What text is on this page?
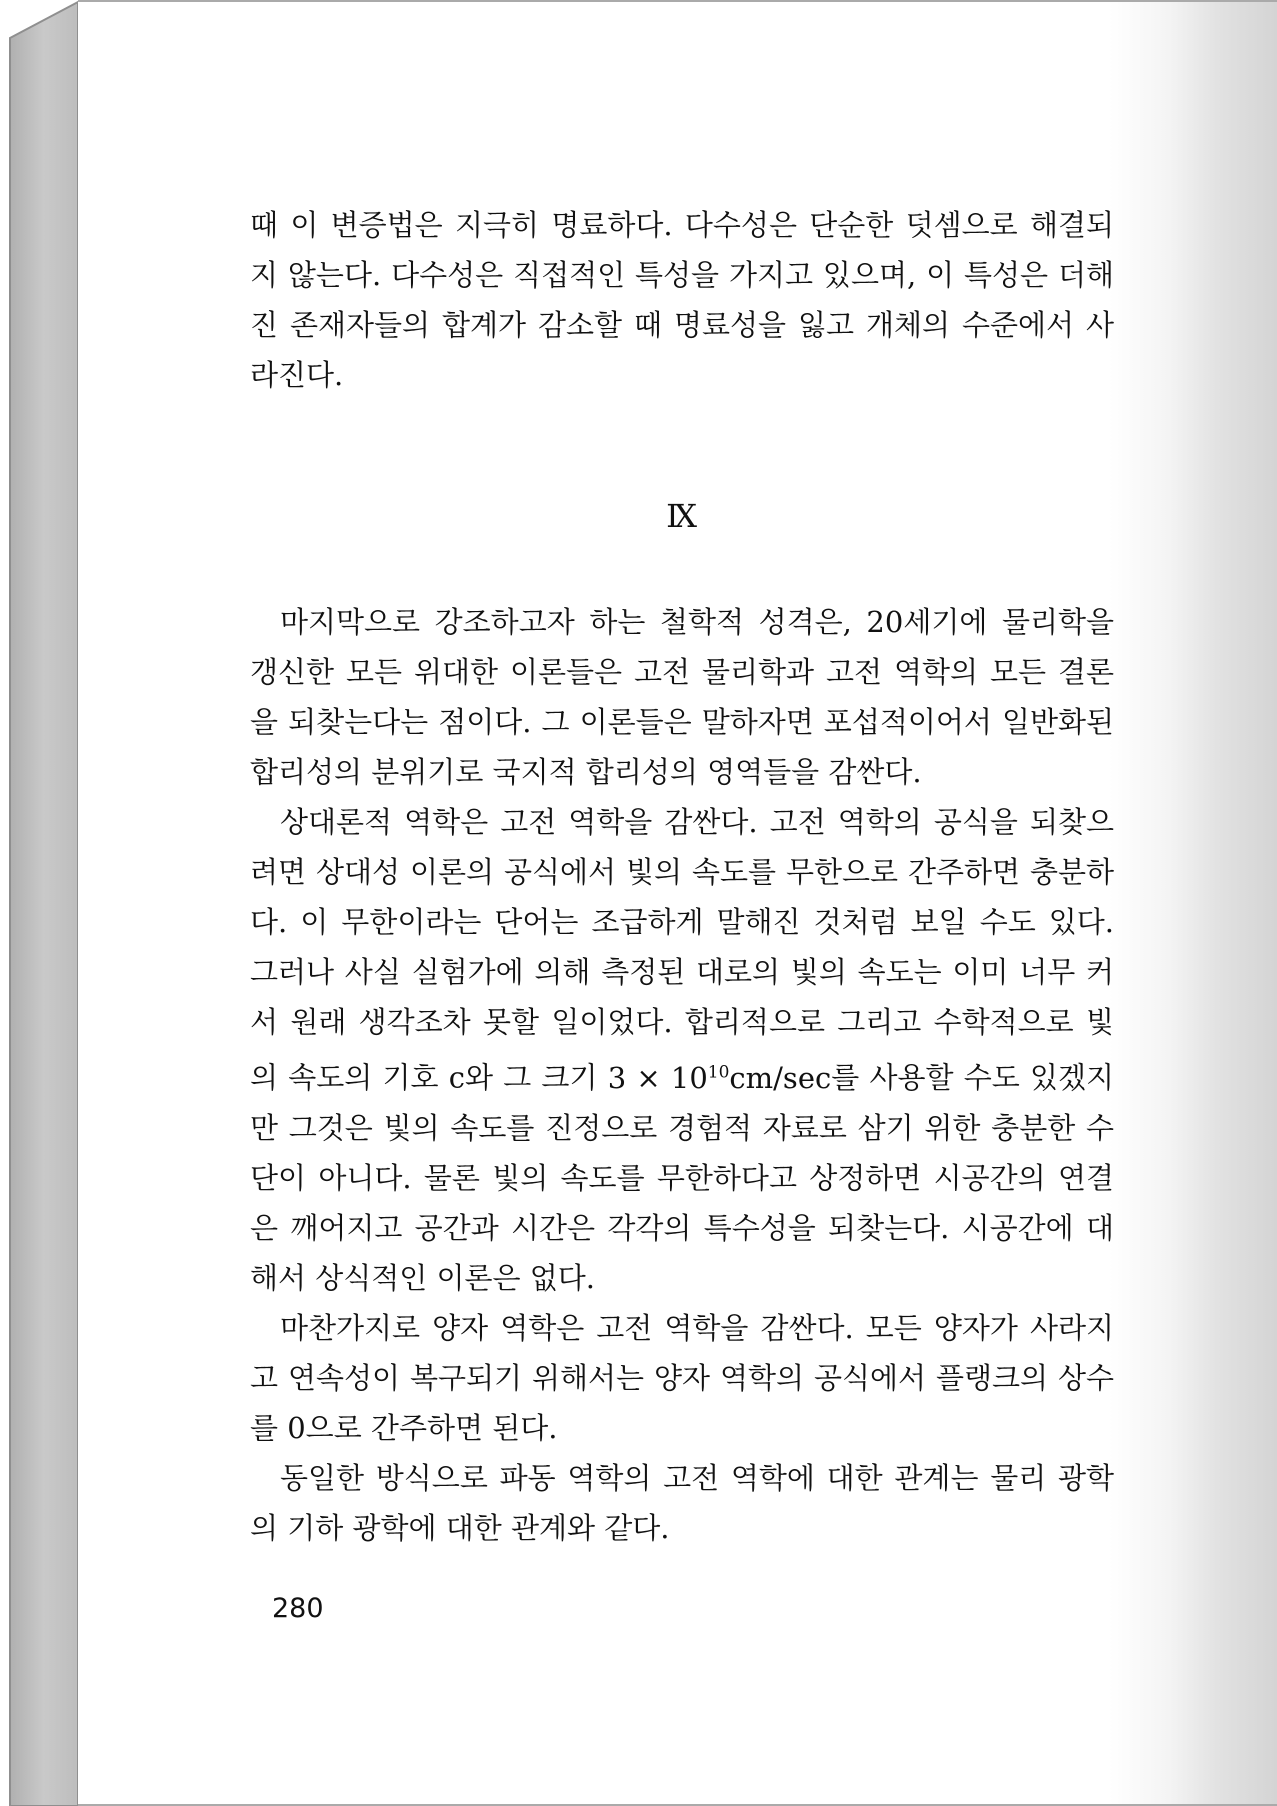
때 이 변증법은 지극히 명료하다. 다수성은 단순한 덧셈으로 해결되지 않는다. 다수성은 직접적인 특성을 가지고 있으며, 이 특성은 더해진 존재자들의 합계가 감소할 때 명료성을 잃고 개체의 수준에서 사라진다.
Ⅸ

마지막으로 강조하고자 하는 철학적 성격은, 20세기에 물리학을 갱신한 모든 위대한 이론들은 고전 물리학과 고전 역학의 모든 결론을 되찾는다는 점이다. 그 이론들은 말하자면 포섭적이어서 일반화된 합리성의 분위기로 국지적 합리성의 영역들을 감싼다.

상대론적 역학은 고전 역학을 감싼다. 고전 역학의 공식을 되찾으려면 상대성 이론의 공식에서 빛의 속도를 무한으로 간주하면 충분하다. 이 무한이라는 단어는 조급하게 말해진 것처럼 보일 수도 있다. 그러나 사실 실험가에 의해 측정된 대로의 빛의 속도는 이미 너무 커서 원래 생각조차 못할 일이었다. 합리적으로 그리고 수학적으로 빛의 속도의 기호 c와 그 크기 $3 \times 10^{10}cm/\sec$를 사용할 수도 있겠지만 그것은 빛의 속도를 진정으로 경험적 자료로 삼기 위한 충분한 수단이 아니다. 물론 빛의 속도를 무한하다고 상정하면 시공간의 연결은 깨어지고 공간과 시간은 각각의 특수성을 되찾는다. 시공간에 대해서 상식적인 이론은 없다.

마찬가지로 양자 역학은 고전 역학을 감싼다. 모든 양자가 사라지고 연속성이 복구되기 위해서는 양자 역학의 공식에서 플랭크의 상수를 0으로 간주하면 된다.

동일한 방식으로 파동 역학의 고전 역학에 대한 관계는 물리 광학의 기하 광학에 대한 관계와 같다.

280
